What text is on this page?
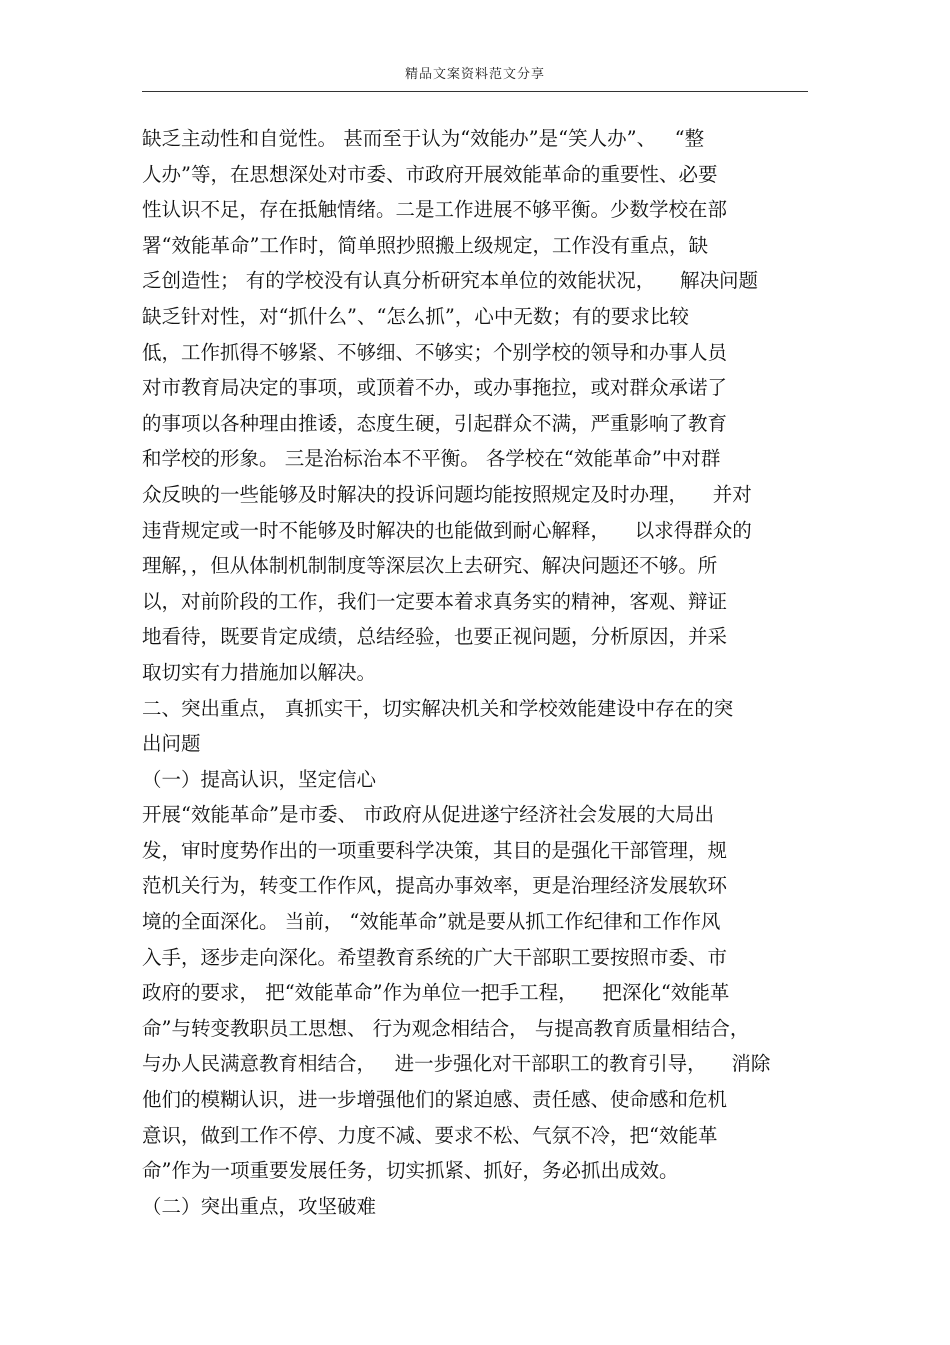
精品文案资料范文分享
缺乏主动性和自觉性。 甚而至于认为“效能办”是“笑人办”、   “整
人办”等，在思想深处对市委、市政府开展效能革命的重要性、必要
性认识不足，存在抵触情绪。二是工作进展不够平衡。少数学校在部
署“效能革命”工作时，简单照抄照搬上级规定，工作没有重点，缺
乏创造性； 有的学校没有认真分析研究本单位的效能状况，    解决问题
缺乏针对性，对“抓什么”、“怎么抓”，心中无数；有的要求比较
低，工作抓得不够紧、不够细、不够实；个别学校的领导和办事人员
对市教育局决定的事项，或顶着不办，或办事拖拉，或对群众承诺了
的事项以各种理由推诿，态度生硬，引起群众不满，严重影响了教育
和学校的形象。 三是治标治本不平衡。 各学校在“效能革命”中对群
众反映的一些能够及时解决的投诉问题均能按照规定及时办理，    并对
违背规定或一时不能够及时解决的也能做到耐心解释，    以求得群众的
理解，，但从体制机制制度等深层次上去研究、解决问题还不够。所
以，对前阶段的工作，我们一定要本着求真务实的精神，客观、辩证
地看待，既要肯定成绩，总结经验，也要正视问题，分析原因，并采
取切实有力措施加以解决。
二、突出重点， 真抓实干，切实解决机关和学校效能建设中存在的突
出问题
（一）提高认识，坚定信心
开展“效能革命”是市委、 市政府从促进遂宁经济社会发展的大局出
发，审时度势作出的一项重要科学决策，其目的是强化干部管理，规
范机关行为，转变工作作风，提高办事效率，更是治理经济发展软环
境的全面深化。 当前， “效能革命”就是要从抓工作纪律和工作作风
入手，逐步走向深化。希望教育系统的广大干部职工要按照市委、市
政府的要求， 把“效能革命”作为单位一把手工程，    把深化“效能革
命”与转变教职员工思想、 行为观念相结合， 与提高教育质量相结合，
与办人民满意教育相结合，   进一步强化对干部职工的教育引导，    消除
他们的模糊认识，进一步增强他们的紧迫感、责任感、使命感和危机
意识，做到工作不停、力度不减、要求不松、气氛不冷，把“效能革
命”作为一项重要发展任务，切实抓紧、抓好，务必抓出成效。
（二）突出重点，攻坚破难
